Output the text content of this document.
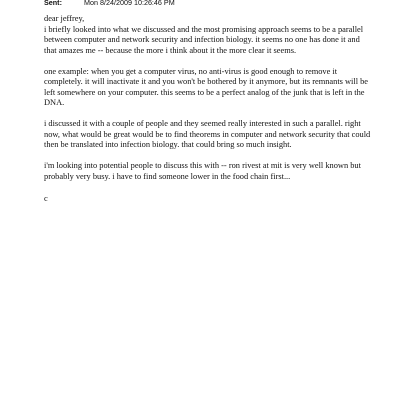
Sent:	Mon 8/24/2009 10:26:46 PM

dear jeffrey,

i briefly looked into what we discussed and the most promising approach seems to be a parallel between computer and network security and infection biology. it seems no one has done it and that amazes me -- because the more i think about it the more clear it seems.

one example: when you get a computer virus, no anti-virus is good enough to remove it completely. it will inactivate it and you won't be bothered by it anymore, but its remnants will be left somewhere on your computer. this seems to be a perfect analog of the junk that is left in the DNA.

i discussed it with a couple of people and they seemed really interested in such a parallel. right now, what would be great would be to find theorems in computer and network security that could then be translated into infection biology. that could bring so much insight.

i'm looking into potential people to discuss this with -- ron rivest at mit is very well known but probably very busy. i have to find someone lower in the food chain first...

c
